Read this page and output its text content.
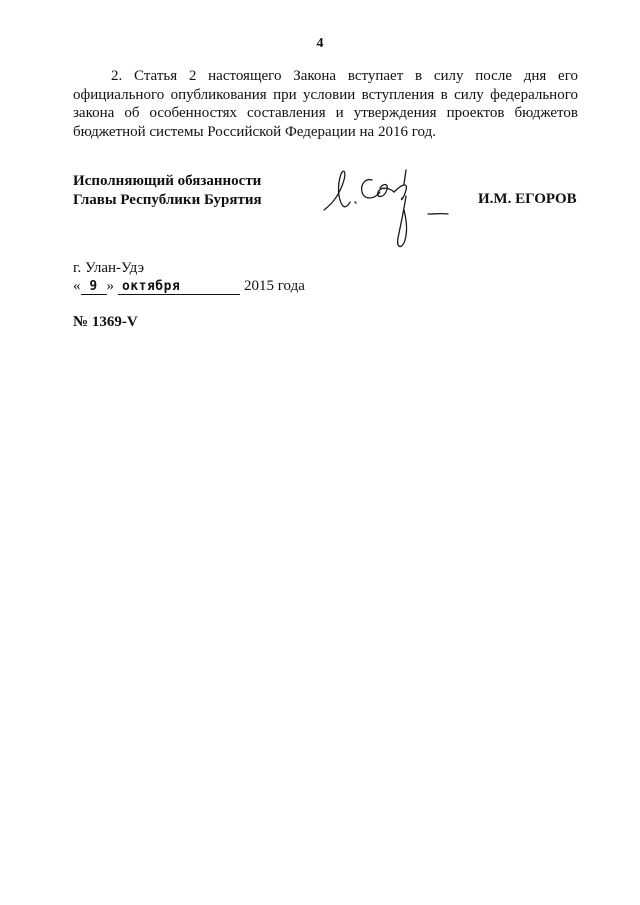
4

2. Статья 2 настоящего Закона вступает в силу после дня его официального опубликования при условии вступления в силу федерального закона об особенностях составления и утверждения проектов бюджетов бюджетной системы Российской Федерации на 2016 год.

Исполняющий обязанности
Главы Республики Бурятия	И.М. ЕГОРОВ
г. Улан-Удэ
« 9 » октября	2015 года
№ 1369-V
